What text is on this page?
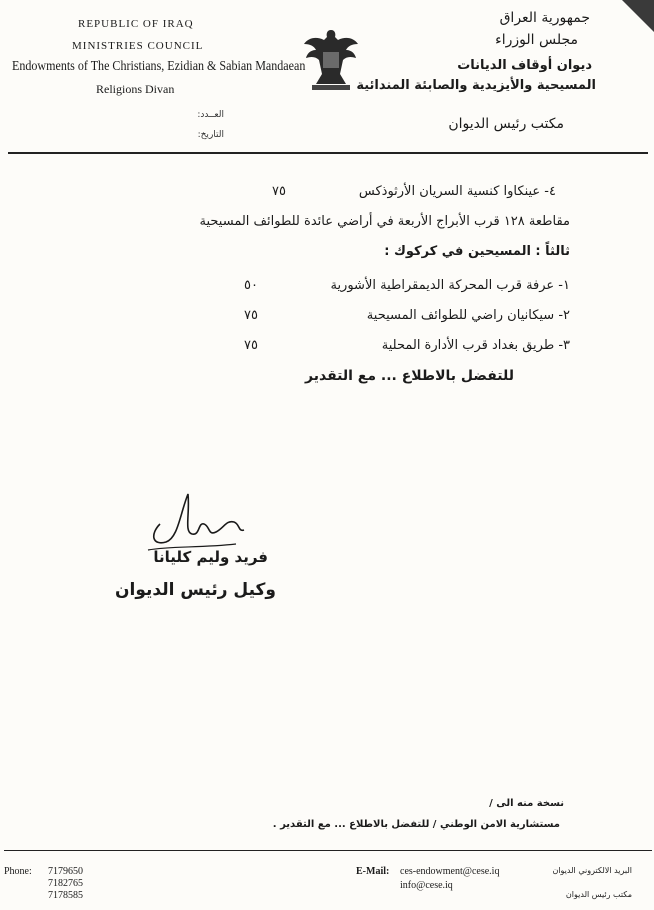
REPUBLIC OF IRAQ
MINISTRIES COUNCIL
Endowments of The Christians, Ezidian & Sabian Mandaean
Religions Divan
جمهورية العراق
مجلس الوزراء
ديوان أوقاف الديانات
المسيحية والأيزيدية والصابئة المندائية
مكتب رئيس الديوان
العــدد:
التاريخ:
٤- عينكاوا كنسية السريان الأرثوذكس
٧٥
مقاطعة ١٢٨ قرب الأبراج الأربعة في أراضي عائدة للطوائف المسيحية
ثالثاً : المسيحين في كركوك :
١- عرفة قرب المحركة الديمقراطية الأشورية
٥٠
٢- سيكانيان راضي للطوائف المسيحية
٧٥
٣- طريق بغداد قرب الأدارة المحلية
٧٥
للتفضل بالاطلاع ... مع التقدير
فريد وليم كليانا
وكيل رئيس الديوان
نسخة منه الى /
مستشارية الامن الوطني / للتفضل بالاطلاع ... مع التقدير .
Phone: 7179650
7182765
7178585
E-Mail: ces-endowment@cese.iq
info@cese.iq
البريد الالكتروني الديوان
مكتب رئيس الديوان
